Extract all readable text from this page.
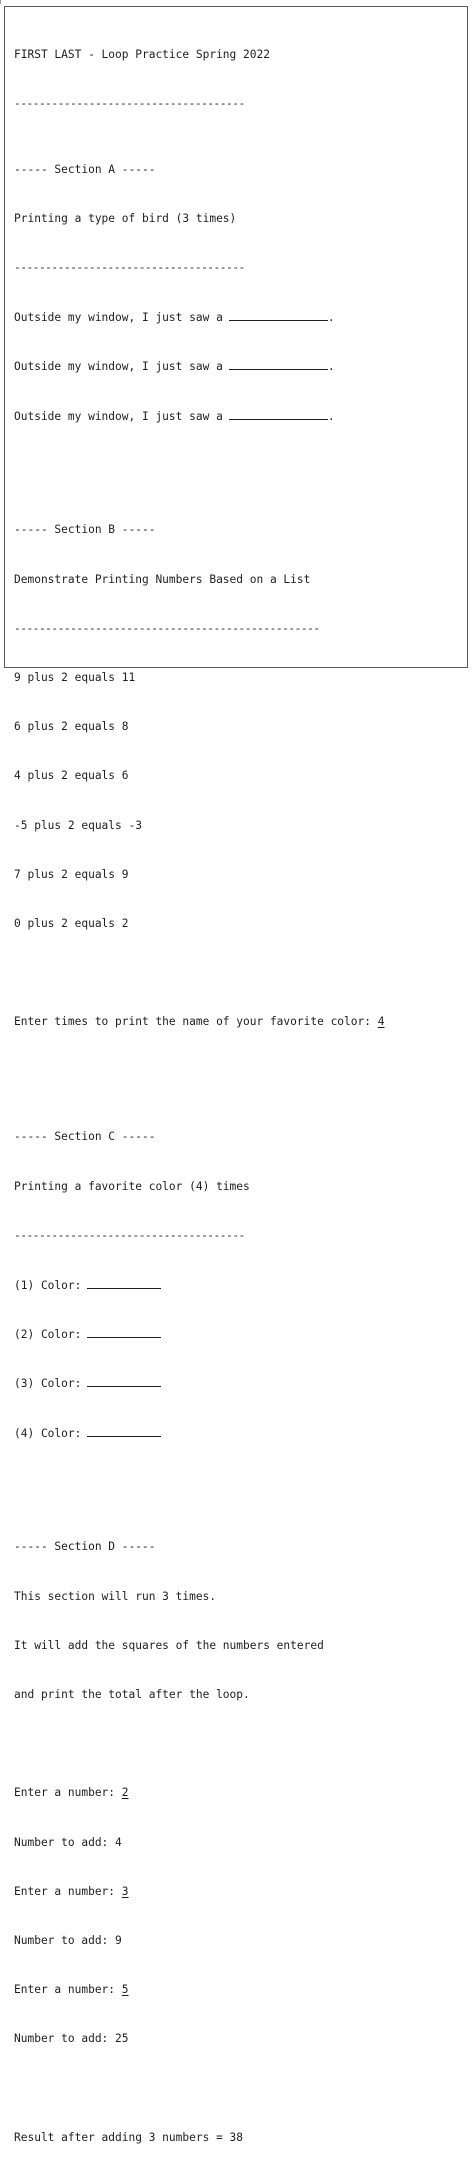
FIRST LAST - Loop Practice Spring 2022

-------------------------------------

----- Section A -----

Printing a type of bird (3 times)

-------------------------------------

Outside my window, I just saw a	.

Outside my window, I just saw a	.

Outside my window, I just saw a	.

----- Section B -----

Demonstrate Printing Numbers Based on a List

-------------------------------------------------

9 plus 2 equals 11

6 plus 2 equals 8

4 plus 2 equals 6

-5 plus 2 equals -3

7 plus 2 equals 9

0 plus 2 equals 2

Enter times to print the name of your favorite color: 4

----- Section C -----

Printing a favorite color (4) times

-------------------------------------

(1) Color:

(2) Color:

(3) Color:

(4) Color:

----- Section D -----

This section will run 3 times.

It will add the squares of the numbers entered

and print the total after the loop.

Enter a number: 2

Number to add: 4

Enter a number: 3

Number to add: 9

Enter a number: 5

Number to add: 25

Result after adding 3 numbers = 38
